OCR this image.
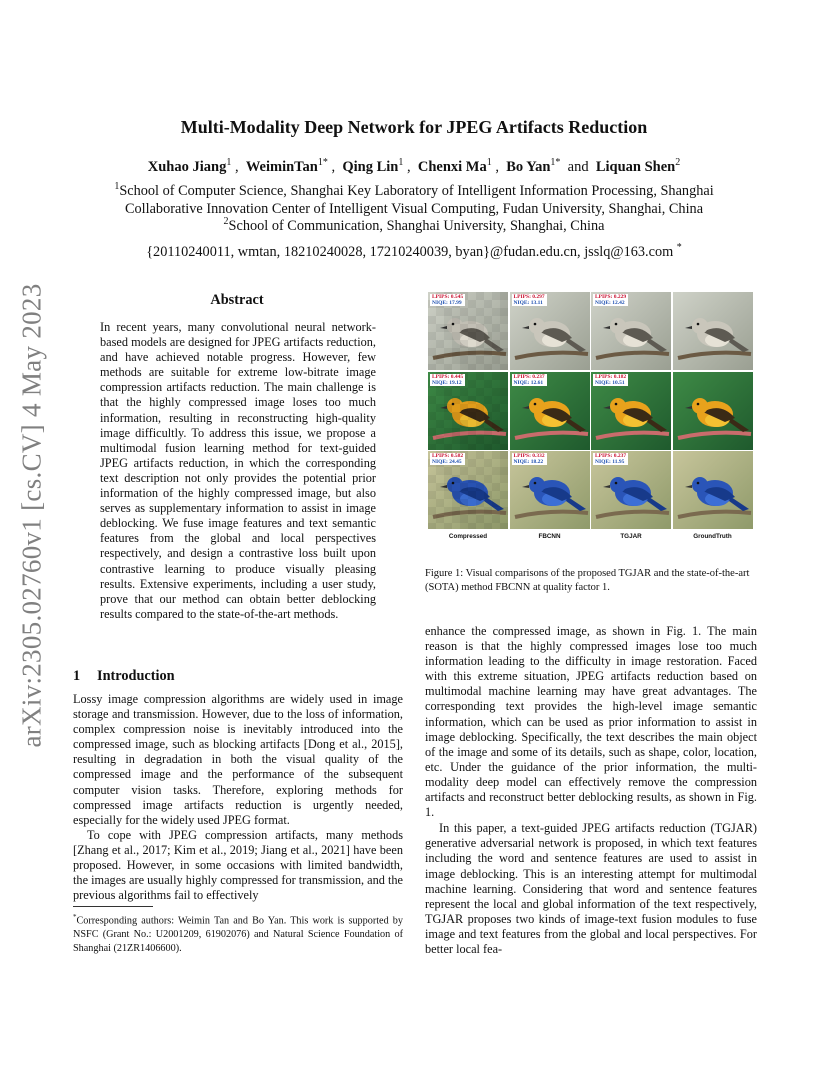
arXiv:2305.02760v1 [cs.CV] 4 May 2023
Multi-Modality Deep Network for JPEG Artifacts Reduction
Xuhao Jiang$^1$ ,  WeiminTan$^{1*}$ ,  Qing Lin$^1$ ,  Chenxi Ma$^1$ ,  Bo Yan$^{1*}$ and Liquan Shen$^2$
$^1$School of Computer Science, Shanghai Key Laboratory of Intelligent Information Processing, Shanghai
Collaborative Innovation Center of Intelligent Visual Computing, Fudan University, Shanghai, China
$^2$School of Communication, Shanghai University, Shanghai, China
{20110240011, wmtan, 18210240028, 17210240039, byan}@fudan.edu.cn, jsslq@163.com *
Abstract

In recent years, many convolutional neural network-based models are designed for JPEG artifacts reduction, and have achieved notable progress. However, few methods are suitable for extreme low-bitrate image compression artifacts reduction. The main challenge is that the highly compressed image loses too much information, resulting in reconstructing high-quality image difficultly. To address this issue, we propose a multimodal fusion learning method for text-guided JPEG artifacts reduction, in which the corresponding text description not only provides the potential prior information of the highly compressed image, but also serves as supplementary information to assist in image deblocking. We fuse image features and text semantic features from the global and local perspectives respectively, and design a contrastive loss built upon contrastive learning to produce visually pleasing results. Extensive experiments, including a user study, prove that our method can obtain better deblocking results compared to the state-of-the-art methods.

1 Introduction

Lossy image compression algorithms are widely used in image storage and transmission. However, due to the loss of information, complex compression noise is inevitably introduced into the compressed image, such as blocking artifacts [Dong et al., 2015], resulting in degradation in both the visual quality of the compressed image and the performance of the subsequent computer vision tasks. Therefore, exploring methods for compressed image artifacts reduction is urgently needed, especially for the widely used JPEG format.

To cope with JPEG compression artifacts, many methods [Zhang et al., 2017; Kim et al., 2019; Jiang et al., 2021] have been proposed. However, in some occasions with limited bandwidth, the images are usually highly compressed for transmission, and the previous algorithms fail to effectively

*Corresponding authors: Weimin Tan and Bo Yan. This work is supported by NSFC (Grant No.: U2001209, 61902076) and Natural Science Foundation of Shanghai (21ZR1406600).
LPIPS: 0.545
NIQE: 17.99
LPIPS: 0.297
NIQE: 13.11
LPIPS: 0.229
NIQE: 12.42
LPIPS: 0.445
NIQE: 19.12
LPIPS: 0.237
NIQE: 12.61
LPIPS: 0.182
NIQE: 10.51
LPIPS: 0.582
NIQE: 24.45
LPIPS: 0.332
NIQE: 18.22
LPIPS: 0.237
NIQE: 11.95
Compressed	FBCNN	TGJAR	GroundTruth
Figure 1: Visual comparisons of the proposed TGJAR and the state-of-the-art (SOTA) method FBCNN at quality factor 1.

enhance the compressed image, as shown in Fig. 1. The main reason is that the highly compressed images lose too much information leading to the difficulty in image restoration. Faced with this extreme situation, JPEG artifacts reduction based on multimodal machine learning may have great advantages. The corresponding text provides the high-level image semantic information, which can be used as prior information to assist in image deblocking. Specifically, the text describes the main object of the image and some of its details, such as shape, color, location, etc. Under the guidance of the prior information, the multi-modality deep model can effectively remove the compression artifacts and reconstruct better deblocking results, as shown in Fig. 1.

In this paper, a text-guided JPEG artifacts reduction (TGJAR) generative adversarial network is proposed, in which text features including the word and sentence features are used to assist in image deblocking. This is an interesting attempt for multimodal machine learning. Considering that word and sentence features represent the local and global information of the text respectively, TGJAR proposes two kinds of image-text fusion modules to fuse image and text features from the global and local perspectives. For better local fea-
